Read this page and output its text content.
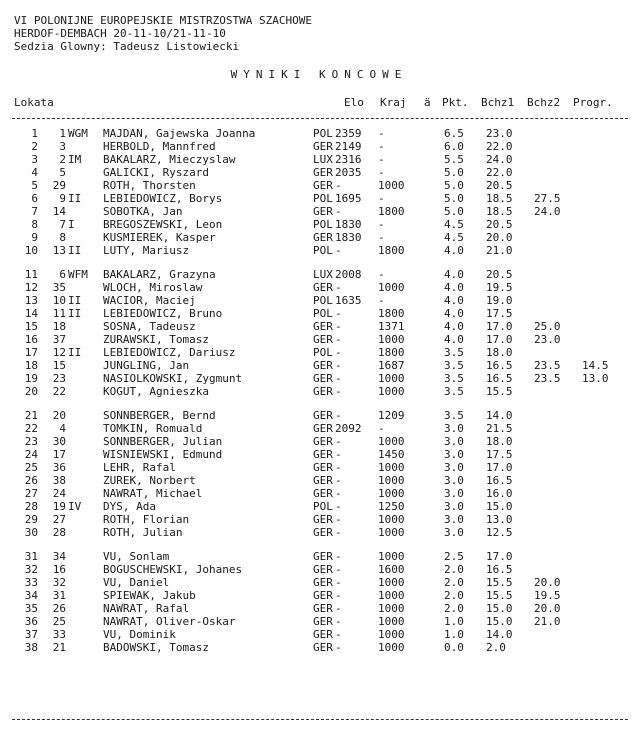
VI POLONIJNE EUROPEJSKIE MISTRZOSTWA SZACHOWE
HERDOF-DEMBACH 20-11-10/21-11-10
Sedzia Glowny: Tadeusz Listowiecki
WYNIKI KONCOWE
Lokata	Elo Kraj ä Pkt. Bchz1 Bchz2 Progr.
1	1 WGM	MAJDAN, Gajewska Joanna	POL 2359 -	6.5 23.0
2	3	HERBOLD, Mannfred	GER 2149 -	6.0 22.0
3	2 IM	BAKALARZ, Mieczyslaw	LUX 2316 -	5.5 24.0
4	5	GALICKI, Ryszard	GER 2035 -	5.0 22.0
5	29	ROTH, Thorsten	GER -	1000	5.0 20.5
6	9 II	LEBIEDOWICZ, Borys	POL 1695 -	5.0 18.5 27.5
7	14	SOBOTKA, Jan	GER -	1800	5.0 18.5 24.0
8	7 I	BREGOSZEWSKI, Leon	POL 1830 -	4.5 20.5
9	8	KUSMIEREK, Kasper	GER 1830 -	4.5 20.0
10	13 II	LUTY, Mariusz	POL -	1800	4.0 21.0
11	6 WFM	BAKALARZ, Grazyna	LUX 2008 -	4.0 20.5
12	35	WLOCH, Miroslaw	GER -	1000	4.0 19.5
13	10 II	WACIOR, Maciej	POL 1635 -	4.0 19.0
14	11 II	LEBIEDOWICZ, Bruno	POL -	1800	4.0 17.5
15	18	SOSNA, Tadeusz	GER -	1371	4.0 17.0 25.0
16	37	ZURAWSKI, Tomasz	GER -	1000	4.0 17.0 23.0
17	12 II	LEBIEDOWICZ, Dariusz	POL -	1800	3.5 18.0
18	15	JUNGLING, Jan	GER -	1687	3.5 16.5 23.5 14.5
19	23	NASIOLKOWSKI, Zygmunt	GER -	1000	3.5 16.5 23.5 13.0
20	22	KOGUT, Agnieszka	GER -	1000	3.5 15.5
21	20	SONNBERGER, Bernd	GER -	1209	3.5 14.0
22	4	TOMKIN, Romuald	GER 2092 -	3.0 21.5
23	30	SONNBERGER, Julian	GER -	1000	3.0 18.0
24	17	WISNIEWSKI, Edmund	GER -	1450	3.0 17.5
25	36	LEHR, Rafal	GER -	1000	3.0 17.0
26	38	ZUREK, Norbert	GER -	1000	3.0 16.5
27	24	NAWRAT, Michael	GER -	1000	3.0 16.0
28	19 IV	DYS, Ada	POL -	1250	3.0 15.0
29	27	ROTH, Florian	GER -	1000	3.0 13.0
30	28	ROTH, Julian	GER -	1000	3.0 12.5
31	34	VU, Sonlam	GER -	1000	2.5 17.0
32	16	BOGUSCHEWSKI, Johanes	GER -	1600	2.0 16.5
33	32	VU, Daniel	GER -	1000	2.0 15.5 20.0
34	31	SPIEWAK, Jakub	GER -	1000	2.0 15.5 19.5
35	26	NAWRAT, Rafal	GER -	1000	2.0 15.0 20.0
36	25	NAWRAT, Oliver-Oskar	GER -	1000	1.0 15.0 21.0
37	33	VU, Dominik	GER -	1000	1.0 14.0
38	21	BADOWSKI, Tomasz	GER -	1000	0.0 2.0
